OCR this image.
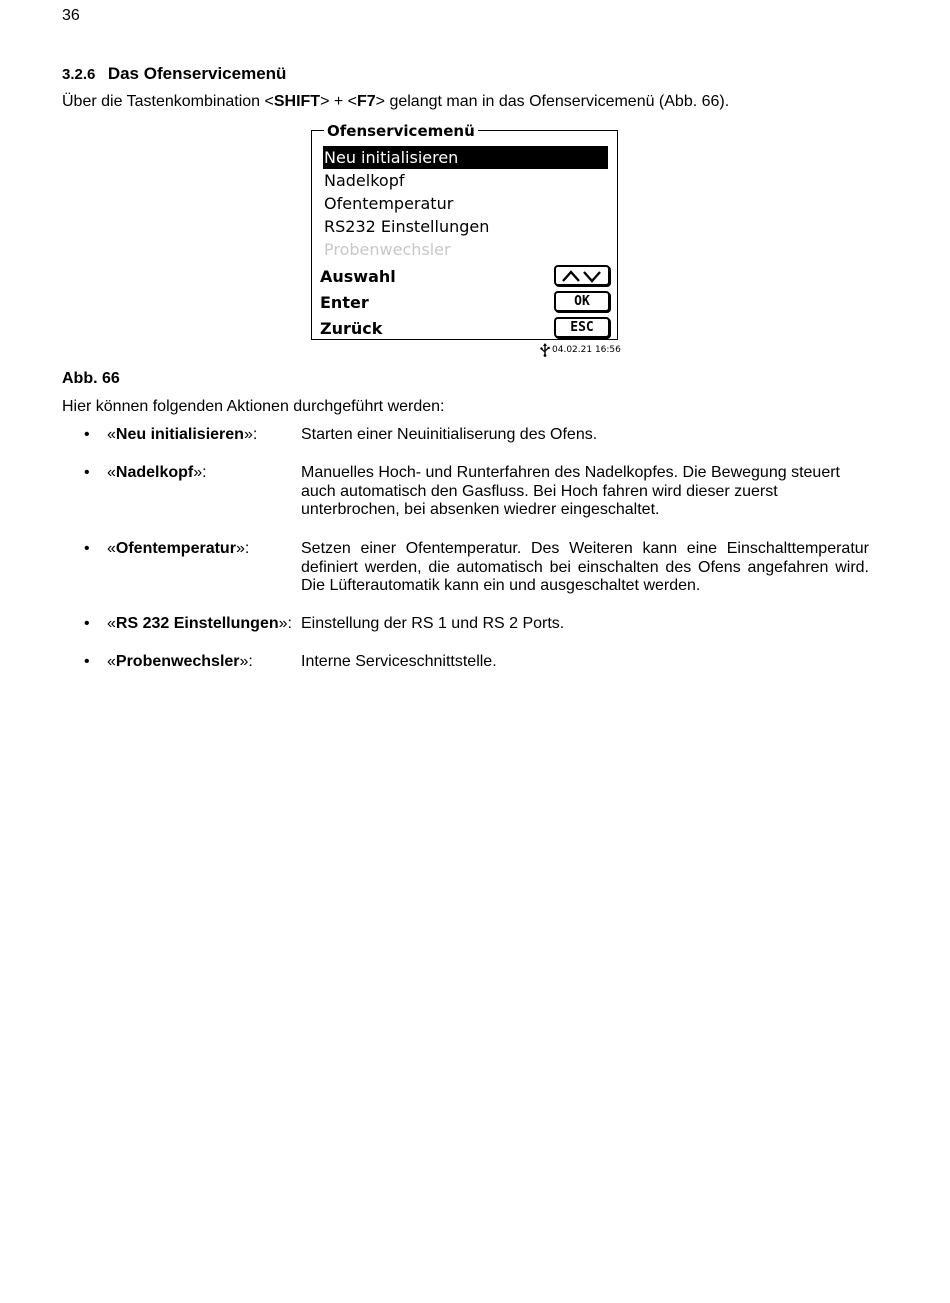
36
3.2.6 Das Ofenservicemenü
Über die Tastenkombination <SHIFT> + <F7> gelangt man in das Ofenservicemenü (Abb. 66).
Ofenservicemenü
Neu initialisieren
Nadelkopf
Ofentemperatur
RS232 Einstellungen
Probenwechsler
Auswahl
Enter	OK
Zurück	ESC
04.02.21 16:56
Abb. 66
Hier können folgenden Aktionen durchgeführt werden:
• «Neu initialisieren»:	Starten einer Neuinitialiserung des Ofens.
• «Nadelkopf»:	Manuelles Hoch- und Runterfahren des Nadelkopfes. Die Bewegung steuert auch automatisch den Gasfluss. Bei Hoch fahren wird dieser zuerst unterbrochen, bei absenken wiedrer eingeschaltet.
• «Ofentemperatur»:	Setzen einer Ofentemperatur. Des Weiteren kann eine Einschalttemperatur definiert werden, die automatisch bei einschalten des Ofens angefahren wird. Die Lüfterautomatik kann ein und ausgeschaltet werden.
• «RS 232 Einstellungen»: Einstellung der RS 1 und RS 2 Ports.
• «Probenwechsler»:	Interne Serviceschnittstelle.
